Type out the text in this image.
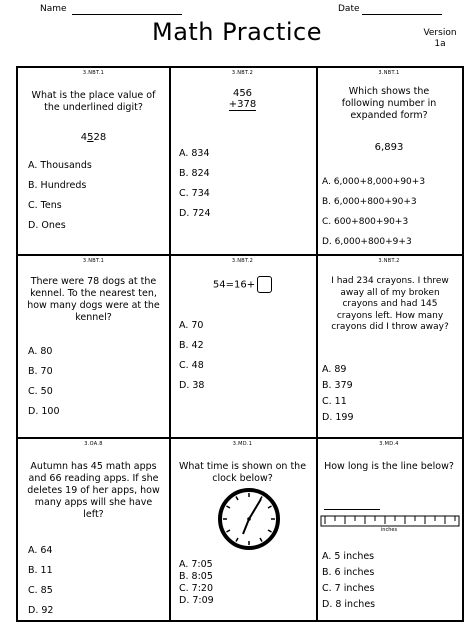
Name	Date
Math Practice	Version
1a
3.NBT.1
What is the place value of the underlined digit?
4528
A. Thousands
B. Hundreds
C. Tens
D. Ones
3.NBT.2
456
+378
A. 834
B. 824
C. 734
D. 724
3.NBT.1
Which shows the following number in expanded form?
6,893
A. 6,000+8,000+90+3
B. 6,000+800+90+3
C. 600+800+90+3
D. 6,000+800+9+3
3.NBT.1
There were 78 dogs at the kennel. To the nearest ten, how many dogs were at the kennel?
A. 80
B. 70
C. 50
D. 100
3.NBT.2
54=16+
A. 70
B. 42
C. 48
D. 38
3.NBT.2
I had 234 crayons. I threw away all of my broken crayons and had 145 crayons left. How many crayons did I throw away?
A. 89
B. 379
C. 11
D. 199
3.OA.8
Autumn has 45 math apps and 66 reading apps. If she deletes 19 of her apps, how many apps will she have left?
A. 64
B. 11
C. 85
D. 92
3.MD.1
What time is shown on the clock below?
A. 7:05
B. 8:05
C. 7:20
D. 7:09
3.MD.4
How long is the line below?
inches
A. 5 inches
B. 6 inches
C. 7 inches
D. 8 inches
